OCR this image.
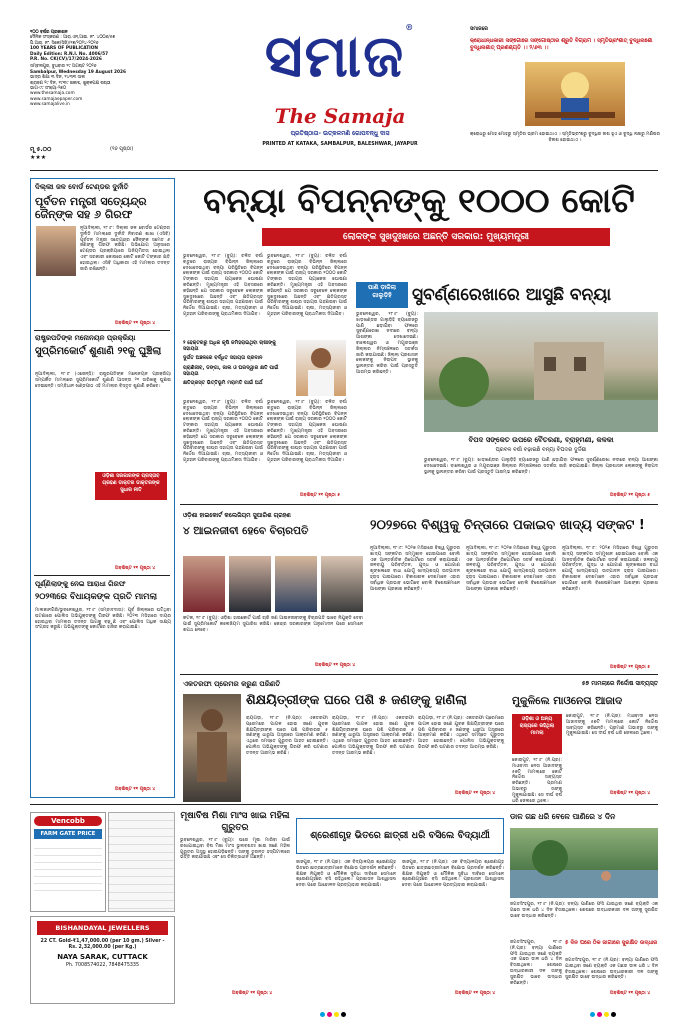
୧୦୦ ବର୍ଷର ପ୍ରକାଶନ
ଦୈନିକ ସଂସ୍କରଣ : ଆର୍.ଏନ୍‌.ଆଇ. ନଂ. ୪୦୦୬/୫୭
ପି.ଆର୍‌. ନଂ. ସିକେ(ସିଜି)/୧୭/୨୦୨୪-୨୦୨୬
100 YEARS OF PUBLICATION
Daily Edition: R.N.I. No. 4006/57
P.R. No. CK(CV)/17/2024-2026
ସମ୍ବଲପୁର, ବୁଧବାର ୧୯ ଅଗଷ୍ଟ ୨୦୨୬
Sambalpur, Wednesday 19 August 2026
ଭାଦ୍ର ଶିକ୍ଷା ୩ ଦିନ, ୧୪୩୩ ସାଲ
ଶ୍ରାବଣ ୨୯ ଦିନ, ୧୯୩୯ ଶକାବ୍ଦ, ଶୁକ୍ଳପକ୍ଷ ଷଷ୍ଠୀ
ଭାଗ-୯୯ ସଂଖ୍ୟା-୨୭୦
www.thesamaja.com
www.samajaepaper.com
www.samajalive.in
ମୂ ୫.୦୦	(୧୬ ପୃଷ୍ଠା)
★★★
ସମାଜ®
The Samaja
ପ୍ରତିଷ୍ଠାତା- ଉତ୍କଳମଣି ଗୋପବନ୍ଧୁ ଦାସ
PRINTED AT KATAKA, SAMBALPUR, BALESHWAR, JAYAPUR
ସମାଜରେ
କ୍ରୋଧାନ୍ଧକାରୀ ସଙ୍ଗୋରେ ସଙ୍ଗୋଷ୍ଠୀର ଶ୍ରୁତି ବିଗ୍ରାମ । ସ୍ମୃତିଭ୍ରଂଶାତ୍‌ ବୁଦ୍ଧିନାଶୋ ବୁଦ୍ଧିନାଶାତ୍‌ ପ୍ରଣଶ୍ୟତି ।। ୨/୬୩ ।।
କ୍ରୋଧରୁ ମୋହ ମୋହରୁ ସ୍ମୃତିର ଭ୍ରମ ହୋଇଥାଏ । ସ୍ମୃତିଭ୍ରଂଶରୁ ବୁଦ୍ଧିର ନାଶ ହୁଏ ଓ ବୁଦ୍ଧି ନାଶରୁ ମଣିଷର ବିନାଶ ହୋଇଥାଏ ।
ଦିଲ୍ଲୀ ଜଳ ବୋର୍ଡ ଟେଣ୍ଡର ଦୁର୍ନୀତି
ପୂର୍ବତନ ମନ୍ତ୍ରୀ ସତ୍ୟେନ୍ଦ୍ର ଜୈନ୍‌ଙ୍କ ସହ ୬ ଗିରଫ
ନୂଆଦିଲ୍ଲୀ, ୧୮।୮: ଦିଲ୍ଲୀ ଜଳ ବୋର୍ଡର ଟେଣ୍ଡର ଦୁର୍ନୀତି ମାମଲାରେ ଦୁର୍ନୀତି ନିବାରଣ ଶାଖା (ଏସିବି) ପୂର୍ବତନ ମନ୍ତ୍ରୀ ସତ୍ୟେନ୍ଦ୍ର ଜୈନ୍‌ଙ୍କ ସମେତ ୬ ଜଣଙ୍କୁ ଗିରଫ କରିଛି। ଅଭିଯୋଗ ଅନୁସାରେ ଟେଣ୍ଡର ପ୍ରକ୍ରିୟାରେ ଅନିୟମିତତା ହୋଇଥିଲା ଏବଂ ସରକାରୀ କୋଷରେ କୋଟି କୋଟି ଟଙ୍କାର କ୍ଷତି ହୋଇଥିଲା। ଏସିବି ଅଧିକାରୀ ଏହି ମାମଲାର ତଦନ୍ତ ଜାରି ରଖିଛନ୍ତି।
ଅବଶିଷ୍ଟ ୧୧ ପୃଷ୍ଠା ୪
ରାଷ୍ଟ୍ରପତିଙ୍କ ମନୋନୟନ ପ୍ରକ୍ରିୟା
ସୁପ୍ରିମକୋର୍ଟ ଶୁଣାଣି ୨୧କୁ ଘୁଞ୍ଚିଲା
ନୂଆଦିଲ୍ଲୀ, ୧୮।୮ (ଏଜେନ୍ସି): ରାଷ୍ଟ୍ରପତିଙ୍କ ମନୋନୟନ ପ୍ରକ୍ରିୟା ସମ୍ପର୍କିତ ମାମଲାରେ ସୁପ୍ରିମକୋର୍ଟ ଶୁଣାଣି ଆସନ୍ତା ୨୧ ତାରିଖକୁ ଘୁଞ୍ଚାଇ ଦେଇଛନ୍ତି। ସମ୍ବିଧାନ ଖଣ୍ଡପୀଠ ଏହି ମାମଲାର ବିସ୍ତୃତ ଶୁଣାଣି କରିବେ।
ଓଡ଼ିଶା ସରକାରଙ୍କ ପ୍ରସ୍ତାବ ଗ୍ରହଣ ଡାକ୍ତର ଡାକ୍ତରଙ୍କ ସୁଧାର ନୀତି
ଅବଶିଷ୍ଟ ୧୧ ପୃଷ୍ଠା ୪
ପୂର୍ଣ୍ଣିଲାଙ୍କୁ ନେଇ ଆରାଧା ଗିରଫ
୨୦୨୩ରେ ବିଧାୟକଙ୍କ ପ୍ରତି ମାମଲା
ମାଲକାନଗିରି/ଭୁବନେଶ୍ୱର, ୧୮।୮ (ସମ୍ବାଦଦାତା): ପୂର୍ବ ଜିଲ୍ଲାରେ ଘଟିଥିବା ଘଟଣାରେ ପୋଲିସ ଅଭିଯୁକ୍ତଙ୍କୁ ଗିରଫ କରିଛି। ୨୦୨୩ ମସିହାରେ ଦାୟର ହୋଇଥିବା ମାମଲାର ତଦନ୍ତ ଆଗକୁ ବଢ଼ୁଛି ଏବଂ ପୋଲିସ ଅଧିକ ସାକ୍ଷ୍ୟ ସଂଗ୍ରହ କରୁଛି। ଅଭିଯୁକ୍ତଙ୍କୁ କୋର୍ଟରେ ହାଜର କରାଯାଇଛି।
ଅବଶିଷ୍ଟ ୧୧ ପୃଷ୍ଠା ୪
ବନ୍ୟା ବିପନ୍ନଙ୍କୁ ୧୦୦୦ କୋଟି
ଲୋକଙ୍କ ସୁଖଦୁଃଖରେ ଅଛନ୍ତି ସରକାର: ମୁଖ୍ୟମନ୍ତ୍ରୀ
ଭୁବନେଶ୍ୱର, ୧୮।୮ (ବ୍ୟୁ): ଚଳିତ ବର୍ଷା ଋତୁରେ ରାଜ୍ୟର ବିଭିନ୍ନ ଜିଲ୍ଲାରେ ଦେଖାଦେଇଥିବା ବନ୍ୟା ପରିସ୍ଥିତିରେ ବିପନ୍ନ ଲୋକଙ୍କ ପାଇଁ ରାଜ୍ୟ ସରକାର ୧୦୦୦ କୋଟି ଟଙ୍କାର ସହାୟତା ପ୍ୟାକେଜ ଘୋଷଣା କରିଛନ୍ତି। ମୁଖ୍ୟମନ୍ତ୍ରୀ ଏହି ଅବସରରେ କହିଛନ୍ତି ଯେ ସରକାର ସବୁବେଳେ ଲୋକଙ୍କ ସୁଖଦୁଃଖରେ ଅଛନ୍ତି ଏବଂ କ୍ଷତିଗ୍ରସ୍ତ ପରିବାରଙ୍କୁ ଶୀଘ୍ର ସହାୟତା ପହଞ୍ଚାଇବା ପାଇଁ ନିର୍ଦ୍ଦେଶ ଦିଆଯାଇଛି। ଚାଷୀ, ମତ୍ସ୍ୟଜୀବୀ ଓ ଗୃହହୀନ ପରିବାରଙ୍କୁ ପ୍ରାଥମିକତା ଦିଆଯିବ।
ଭୁବନେଶ୍ୱର, ୧୮।୮ (ବ୍ୟୁ): ଚଳିତ ବର୍ଷା ଋତୁରେ ରାଜ୍ୟର ବିଭିନ୍ନ ଜିଲ୍ଲାରେ ଦେଖାଦେଇଥିବା ବନ୍ୟା ପରିସ୍ଥିତିରେ ବିପନ୍ନ ଲୋକଙ୍କ ପାଇଁ ରାଜ୍ୟ ସରକାର ୧୦୦୦ କୋଟି ଟଙ୍କାର ସହାୟତା ପ୍ୟାକେଜ ଘୋଷଣା କରିଛନ୍ତି। ମୁଖ୍ୟମନ୍ତ୍ରୀ ଏହି ଅବସରରେ କହିଛନ୍ତି ଯେ ସରକାର ସବୁବେଳେ ଲୋକଙ୍କ ସୁଖଦୁଃଖରେ ଅଛନ୍ତି ଏବଂ କ୍ଷତିଗ୍ରସ୍ତ ପରିବାରଙ୍କୁ ଶୀଘ୍ର ସହାୟତା ପହଞ୍ଚାଇବା ପାଇଁ ନିର୍ଦ୍ଦେଶ ଦିଆଯାଇଛି। ଚାଷୀ, ମତ୍ସ୍ୟଜୀବୀ ଓ ଗୃହହୀନ ପରିବାରଙ୍କୁ ପ୍ରାଥମିକତା ଦିଆଯିବ।
୨ ହେକ୍ଟରରୁ ଅଧିକ କୃଷି ଜମିହରାଇଥିବା ଚାଷୀଙ୍କୁ ସହାୟତା
ଦୁର୍ଗତ ଅଞ୍ଚଳରେ ବର୍ଦ୍ଧିତ ସହାୟତା ପ୍ରଦାନ
ପ୍ରାଣିଜୀବ, ଡଙ୍ଗା, ଜାଲ ଓ ଘରଦ୍ୱାର କ୍ଷତି ପାଇଁ ସହାୟତା
କ୍ଷତିଗ୍ରସ୍ତ ଭିତ୍ତିଭୂମି ମରାମତି ପାଇଁ ଅର୍ଥ
ଭୁବନେଶ୍ୱର, ୧୮।୮ (ବ୍ୟୁ): ଚଳିତ ବର୍ଷା ଋତୁରେ ରାଜ୍ୟର ବିଭିନ୍ନ ଜିଲ୍ଲାରେ ଦେଖାଦେଇଥିବା ବନ୍ୟା ପରିସ୍ଥିତିରେ ବିପନ୍ନ ଲୋକଙ୍କ ପାଇଁ ରାଜ୍ୟ ସରକାର ୧୦୦୦ କୋଟି ଟଙ୍କାର ସହାୟତା ପ୍ୟାକେଜ ଘୋଷଣା କରିଛନ୍ତି। ମୁଖ୍ୟମନ୍ତ୍ରୀ ଏହି ଅବସରରେ କହିଛନ୍ତି ଯେ ସରକାର ସବୁବେଳେ ଲୋକଙ୍କ ସୁଖଦୁଃଖରେ ଅଛନ୍ତି ଏବଂ କ୍ଷତିଗ୍ରସ୍ତ ପରିବାରଙ୍କୁ ଶୀଘ୍ର ସହାୟତା ପହଞ୍ଚାଇବା ପାଇଁ ନିର୍ଦ୍ଦେଶ ଦିଆଯାଇଛି। ଚାଷୀ, ମତ୍ସ୍ୟଜୀବୀ ଓ ଗୃହହୀନ ପରିବାରଙ୍କୁ ପ୍ରାଥମିକତା ଦିଆଯିବ।
ଭୁବନେଶ୍ୱର, ୧୮।୮ (ବ୍ୟୁ): ଚଳିତ ବର୍ଷା ଋତୁରେ ରାଜ୍ୟର ବିଭିନ୍ନ ଜିଲ୍ଲାରେ ଦେଖାଦେଇଥିବା ବନ୍ୟା ପରିସ୍ଥିତିରେ ବିପନ୍ନ ଲୋକଙ୍କ ପାଇଁ ରାଜ୍ୟ ସରକାର ୧୦୦୦ କୋଟି ଟଙ୍କାର ସହାୟତା ପ୍ୟାକେଜ ଘୋଷଣା କରିଛନ୍ତି। ମୁଖ୍ୟମନ୍ତ୍ରୀ ଏହି ଅବସରରେ କହିଛନ୍ତି ଯେ ସରକାର ସବୁବେଳେ ଲୋକଙ୍କ ସୁଖଦୁଃଖରେ ଅଛନ୍ତି ଏବଂ କ୍ଷତିଗ୍ରସ୍ତ ପରିବାରଙ୍କୁ ଶୀଘ୍ର ସହାୟତା ପହଞ୍ଚାଇବା ପାଇଁ ନିର୍ଦ୍ଦେଶ ଦିଆଯାଇଛି। ଚାଷୀ, ମତ୍ସ୍ୟଜୀବୀ ଓ ଗୃହହୀନ ପରିବାରଙ୍କୁ ପ୍ରାଥମିକତା ଦିଆଯିବ।
ଅବଶିଷ୍ଟ ୧୧ ପୃଷ୍ଠା ୫
ପାଣି ଡ଼ାଳିଲା ଗାଲୁଡ଼ିହି	ସୁବର୍ଣ୍ଣରେଖାରେ ଆସୁଛି ବନ୍ୟା
ଭୁବନେଶ୍ୱର, ୧୮।୮ (ବ୍ୟୁ): ଝାଡ଼ଖଣ୍ଡର ଗାଲୁଡ଼ିହି ବ୍ୟାରେଜରୁ ପାଣି ଛଡ଼ାଯିବା ଫଳରେ ସୁବର୍ଣ୍ଣରେଖା ନଦୀରେ ବନ୍ୟା ଆଶଙ୍କା ଦେଖାଦେଇଛି। ବାଲେଶ୍ୱର ଓ ମୟୂରଭଞ୍ଜ ଜିଲ୍ଲାର ନିମ୍ନାଞ୍ଚଳରେ ସତର୍କତା ଜାରି କରାଯାଇଛି। ଜିଲ୍ଲା ପ୍ରଶାସନ ଲୋକଙ୍କୁ ନିରାପଦ ସ୍ଥାନକୁ ସ୍ଥାନାନ୍ତର କରିବା ପାଇଁ ପ୍ରସ୍ତୁତି ଆରମ୍ଭ କରିଛନ୍ତି।
ବିପଦ ସଙ୍କେତ ଉପରେ ବୈତରଣୀ, ବ୍ରାହ୍ମଣୀ, କଳକା
ପ୍ରବଳ ବର୍ଷା ବଢ଼ାଇଛି ବନ୍ୟା ବିପଦର ଦୁର୍ଦ୍ଦଶା
ଭୁବନେଶ୍ୱର, ୧୮।୮ (ବ୍ୟୁ): ଝାଡ଼ଖଣ୍ଡର ଗାଲୁଡ଼ିହି ବ୍ୟାରେଜରୁ ପାଣି ଛଡ଼ାଯିବା ଫଳରେ ସୁବର୍ଣ୍ଣରେଖା ନଦୀରେ ବନ୍ୟା ଆଶଙ୍କା ଦେଖାଦେଇଛି। ବାଲେଶ୍ୱର ଓ ମୟୂରଭଞ୍ଜ ଜିଲ୍ଲାର ନିମ୍ନାଞ୍ଚଳରେ ସତର୍କତା ଜାରି କରାଯାଇଛି। ଜିଲ୍ଲା ପ୍ରଶାସନ ଲୋକଙ୍କୁ ନିରାପଦ ସ୍ଥାନକୁ ସ୍ଥାନାନ୍ତର କରିବା ପାଇଁ ପ୍ରସ୍ତୁତି ଆରମ୍ଭ କରିଛନ୍ତି।
ଅବଶିଷ୍ଟ ୧୧ ପୃଷ୍ଠା ୫
ଓଡ଼ିଶା ହାଇକୋର୍ଟ କଲେଜିୟମ ସୁପାରିଶ ଗ୍ରହଣ
୪ ଆଇନଜୀବୀ ହେବେ ବିଚାରପତି
କଟକ, ୧୮।୮ (ବ୍ୟୁ): ଓଡ଼ିଶା ହାଇକୋର୍ଟ ପାଇଁ ଚାରି ଜଣ ଆଇନଜୀବୀଙ୍କୁ ବିଚାରପତି ଭାବେ ନିଯୁକ୍ତି ଦେବା ପାଇଁ ସୁପ୍ରିମକୋର୍ଟ କଲେଜିୟମ ସୁପାରିଶ କରିଛି। କେନ୍ଦ୍ର ସରକାରଙ୍କ ଅନୁମୋଦନ ପରେ ସେମାନେ ଶପଥ ନେବେ।
ଅବଶିଷ୍ଟ ୧୧ ପୃଷ୍ଠା ୪
୨୦୨୭ରେ ବିଶ୍ୱକୁ ଚିନ୍ତାରେ ପକାଇବ ଖାଦ୍ୟ ସଙ୍କଟ !
ନୂଆଦିଲ୍ଲୀ, ୧୮।୮: ୨୦୨୭ ମସିହାରେ ବିଶ୍ୱ ଗୁରୁତର ଖାଦ୍ୟ ସଙ୍କଟର ସମ୍ମୁଖୀନ ହୋଇପାରେ ବୋଲି ଏକ ଆନ୍ତର୍ଜାତିକ ରିପୋର୍ଟରେ ସତର୍କ କରାଯାଇଛି। ଜଳବାୟୁ ପରିବର୍ତ୍ତନ, ଯୁଦ୍ଧ ଓ ଯୋଗାଣ ଶୃଙ୍ଖଳାରେ ବାଧା ଯୋଗୁଁ ଖାଦ୍ୟଶସ୍ୟ ଉତ୍ପାଦନ ହ୍ରାସ ପାଇପାରେ। ବିକାଶଶୀଳ ଦେଶମାନେ ଏହାର ସର୍ବାଧିକ ପ୍ରଭାବ ଭୋଗିବେ ବୋଲି ବିଶେଷଜ୍ଞମାନେ ଆଶଙ୍କା ପ୍ରକାଶ କରିଛନ୍ତି।
ନୂଆଦିଲ୍ଲୀ, ୧୮।୮: ୨୦୨୭ ମସିହାରେ ବିଶ୍ୱ ଗୁରୁତର ଖାଦ୍ୟ ସଙ୍କଟର ସମ୍ମୁଖୀନ ହୋଇପାରେ ବୋଲି ଏକ ଆନ୍ତର୍ଜାତିକ ରିପୋର୍ଟରେ ସତର୍କ କରାଯାଇଛି। ଜଳବାୟୁ ପରିବର୍ତ୍ତନ, ଯୁଦ୍ଧ ଓ ଯୋଗାଣ ଶୃଙ୍ଖଳାରେ ବାଧା ଯୋଗୁଁ ଖାଦ୍ୟଶସ୍ୟ ଉତ୍ପାଦନ ହ୍ରାସ ପାଇପାରେ। ବିକାଶଶୀଳ ଦେଶମାନେ ଏହାର ସର୍ବାଧିକ ପ୍ରଭାବ ଭୋଗିବେ ବୋଲି ବିଶେଷଜ୍ଞମାନେ ଆଶଙ୍କା ପ୍ରକାଶ କରିଛନ୍ତି।
ନୂଆଦିଲ୍ଲୀ, ୧୮।୮: ୨୦୨୭ ମସିହାରେ ବିଶ୍ୱ ଗୁରୁତର ଖାଦ୍ୟ ସଙ୍କଟର ସମ୍ମୁଖୀନ ହୋଇପାରେ ବୋଲି ଏକ ଆନ୍ତର୍ଜାତିକ ରିପୋର୍ଟରେ ସତର୍କ କରାଯାଇଛି। ଜଳବାୟୁ ପରିବର୍ତ୍ତନ, ଯୁଦ୍ଧ ଓ ଯୋଗାଣ ଶୃଙ୍ଖଳାରେ ବାଧା ଯୋଗୁଁ ଖାଦ୍ୟଶସ୍ୟ ଉତ୍ପାଦନ ହ୍ରାସ ପାଇପାରେ। ବିକାଶଶୀଳ ଦେଶମାନେ ଏହାର ସର୍ବାଧିକ ପ୍ରଭାବ ଭୋଗିବେ ବୋଲି ବିଶେଷଜ୍ଞମାନେ ଆଶଙ୍କା ପ୍ରକାଶ କରିଛନ୍ତି।
ଅବଶିଷ୍ଟ ୧୧ ପୃଷ୍ଠା ୫
ଏକତରଫା ପ୍ରେମର କରୁଣ ପରିଣତି
ଶିକ୍ଷୟିତ୍ରୀଙ୍କ ଘରେ ପଶି ୫ ଜଣଙ୍କୁ ହାଣିଲା
ରାୟଗଡ଼ା, ୧୮।୮ (ନି.ପ୍ର): ଏକତରଫା ପ୍ରେମରେ ପାଗଳ ହୋଇ ଜଣେ ଯୁବକ ଶିକ୍ଷୟିତ୍ରୀଙ୍କ ଘରେ ପଶି ପରିବାରର ୫ ଜଣଙ୍କୁ ଧାରୁଆ ଅସ୍ତ୍ରରେ ଆକ୍ରମଣ କରିଛି। ଏଥିରେ ସମସ୍ତେ ଗୁରୁତର ଆହତ ହୋଇଛନ୍ତି। ପୋଲିସ ଅଭିଯୁକ୍ତଙ୍କୁ ଗିରଫ କରି ଘଟଣାର ତଦନ୍ତ ଆରମ୍ଭ କରିଛି।
ରାୟଗଡ଼ା, ୧୮।୮ (ନି.ପ୍ର): ଏକତରଫା ପ୍ରେମରେ ପାଗଳ ହୋଇ ଜଣେ ଯୁବକ ଶିକ୍ଷୟିତ୍ରୀଙ୍କ ଘରେ ପଶି ପରିବାରର ୫ ଜଣଙ୍କୁ ଧାରୁଆ ଅସ୍ତ୍ରରେ ଆକ୍ରମଣ କରିଛି। ଏଥିରେ ସମସ୍ତେ ଗୁରୁତର ଆହତ ହୋଇଛନ୍ତି। ପୋଲିସ ଅଭିଯୁକ୍ତଙ୍କୁ ଗିରଫ କରି ଘଟଣାର ତଦନ୍ତ ଆରମ୍ଭ କରିଛି।
ରାୟଗଡ଼ା, ୧୮।୮ (ନି.ପ୍ର): ଏକତରଫା ପ୍ରେମରେ ପାଗଳ ହୋଇ ଜଣେ ଯୁବକ ଶିକ୍ଷୟିତ୍ରୀଙ୍କ ଘରେ ପଶି ପରିବାରର ୫ ଜଣଙ୍କୁ ଧାରୁଆ ଅସ୍ତ୍ରରେ ଆକ୍ରମଣ କରିଛି। ଏଥିରେ ସମସ୍ତେ ଗୁରୁତର ଆହତ ହୋଇଛନ୍ତି। ପୋଲିସ ଅଭିଯୁକ୍ତଙ୍କୁ ଗିରଫ କରି ଘଟଣାର ତଦନ୍ତ ଆରମ୍ଭ କରିଛି।
ଅବଶିଷ୍ଟ ୧୧ ପୃଷ୍ଠା ୪
୫୭ ମାମଲାରେ ନିର୍ଦ୍ଦୋଷ ସାବ୍ୟସ୍ତ
ମୁକୁଳିଲେ ମାଓନେତା ଆଜାଦ
ଓଡ଼ିଶା ଓ ଅନ୍ୟ ରାଜ୍ୟରେ ରହିଥିଲା ମାମଲା
କୋରାପୁଟ, ୧୮।୮ (ନି.ପ୍ର): ମାଓବାଦୀ ନେତା ଆଜାଦଙ୍କୁ ୫୭ଟି ମାମଲାରେ କୋର୍ଟ ନିର୍ଦ୍ଦୋଷ ସାବ୍ୟସ୍ତ କରିଛନ୍ତି। ପ୍ରମାଣ ଅଭାବରୁ ତାଙ୍କୁ ମୁକୁଳାଯାଇଛି। ସେ ଦୀର୍ଘ ବର୍ଷ ଧରି ଜେଲରେ ଥିଲେ।
କୋରାପୁଟ, ୧୮।୮ (ନି.ପ୍ର): ମାଓବାଦୀ ନେତା ଆଜାଦଙ୍କୁ ୫୭ଟି ମାମଲାରେ କୋର୍ଟ ନିର୍ଦ୍ଦୋଷ ସାବ୍ୟସ୍ତ କରିଛନ୍ତି। ପ୍ରମାଣ ଅଭାବରୁ ତାଙ୍କୁ ମୁକୁଳାଯାଇଛି। ସେ ଦୀର୍ଘ ବର୍ଷ ଧରି ଜେଲରେ ଥିଲେ।
ଅବଶିଷ୍ଟ ୧୧ ପୃଷ୍ଠା ୪
Vencobb
FARM GATE PRICE
BISHANDAYAL JEWELLERS
22 CT. Gold-₹1,47,000.00 (per 10 gm.) Silver - Rs. 2,32,000.00 (per Kg.)
NAYA SARAK, CUTTACK
Ph. 7008574022, 7848475335
ମୂଷାବିଷ ମିଶା ମାଂସ ଖାଇ ମହିଳା ଗୁରୁତର
ଭୁବନେଶ୍ୱର, ୧୮।୮ (ବ୍ୟୁ): ଘରେ ମୂଷା ମାରିବା ପାଇଁ ରଖାଯାଇଥିବା ବିଷ ମିଶା ମାଂସ ଭୁଲବଶତଃ ଖାଇ ଜଣେ ମହିଳା ଗୁରୁତର ଅସୁସ୍ଥ ହୋଇପଡ଼ିଛନ୍ତି। ତାଙ୍କୁ ତୁରନ୍ତ ହସ୍ପିଟାଲରେ ଭର୍ତ୍ତି କରାଯାଇଛି ଏବଂ ସେ ଚିକିତ୍ସାଧୀନ ଅଛନ୍ତି।
ଅବଶିଷ୍ଟ ୧୧ ପୃଷ୍ଠା ୪
ଶ୍ରେଣୀଗୃହ ଭିତରେ ଛାତ୍ରୀ ଧରି ବସିଲେ ବିଦ୍ୟାର୍ଥୀ
ଜାଜପୁର, ୧୮।୮ (ନି.ପ୍ର): ଏକ ବିଦ୍ୟାଳୟର ଶ୍ରେଣୀଗୃହ ଭିତରେ ଛାତ୍ରଛାତ୍ରୀମାନେ ବିକ୍ଷୋଭ ପ୍ରଦର୍ଶନ କରିଛନ୍ତି। ଶିକ୍ଷକ ନିଯୁକ୍ତି ଓ ମୌଳିକ ସୁବିଧା ଦାବିରେ ସେମାନେ ଶ୍ରେଣୀଗୃହରେ ବସି ରହିଥିଲେ। ପ୍ରଶାସନ ଆଶ୍ୱାସନା ଦେବା ପରେ ଆନ୍ଦୋଳନ ପ୍ରତ୍ୟାହାର କରାଯାଇଛି।
ଜାଜପୁର, ୧୮।୮ (ନି.ପ୍ର): ଏକ ବିଦ୍ୟାଳୟର ଶ୍ରେଣୀଗୃହ ଭିତରେ ଛାତ୍ରଛାତ୍ରୀମାନେ ବିକ୍ଷୋଭ ପ୍ରଦର୍ଶନ କରିଛନ୍ତି। ଶିକ୍ଷକ ନିଯୁକ୍ତି ଓ ମୌଳିକ ସୁବିଧା ଦାବିରେ ସେମାନେ ଶ୍ରେଣୀଗୃହରେ ବସି ରହିଥିଲେ। ପ୍ରଶାସନ ଆଶ୍ୱାସନା ଦେବା ପରେ ଆନ୍ଦୋଳନ ପ୍ରତ୍ୟାହାର କରାଯାଇଛି।
ଅବଶିଷ୍ଟ ୧୧ ପୃଷ୍ଠା ୪
ଡାଳ ଗଛ ଧରି ବେଳେ ପାଣିରେ ୪ ଦିନ
ଜଗତସିଂହପୁର, ୧୮।୮ (ନି.ପ୍ର): ବନ୍ୟା ପାଣିରେ ଫସି ଯାଇଥିବା ଜଣେ ବ୍ୟକ୍ତି ଏକ ଗଛର ଡାଳ ଧରି ୪ ଦିନ ବିତାଇଥିଲେ। ଶେଷରେ ଉଦ୍ଧାରକାରୀ ଦଳ ତାଙ୍କୁ ସୁରକ୍ଷିତ ଭାବେ ଉଦ୍ଧାର କରିଛନ୍ତି।
୫ ଦିନ ପରେ ଠିକ ଜାଗାରେ ସୁରକ୍ଷିତ ଉଦ୍ଧାର
ଜଗତସିଂହପୁର, ୧୮।୮ (ନି.ପ୍ର): ବନ୍ୟା ପାଣିରେ ଫସି ଯାଇଥିବା ଜଣେ ବ୍ୟକ୍ତି ଏକ ଗଛର ଡାଳ ଧରି ୪ ଦିନ ବିତାଇଥିଲେ। ଶେଷରେ ଉଦ୍ଧାରକାରୀ ଦଳ ତାଙ୍କୁ ସୁରକ୍ଷିତ ଭାବେ ଉଦ୍ଧାର କରିଛନ୍ତି।
ଜଗତସିଂହପୁର, ୧୮।୮ (ନି.ପ୍ର): ବନ୍ୟା ପାଣିରେ ଫସି ଯାଇଥିବା ଜଣେ ବ୍ୟକ୍ତି ଏକ ଗଛର ଡାଳ ଧରି ୪ ଦିନ ବିତାଇଥିଲେ। ଶେଷରେ ଉଦ୍ଧାରକାରୀ ଦଳ ତାଙ୍କୁ ସୁରକ୍ଷିତ ଭାବେ ଉଦ୍ଧାର କରିଛନ୍ତି।
ଅବଶିଷ୍ଟ ୧୧ ପୃଷ୍ଠା ୪
